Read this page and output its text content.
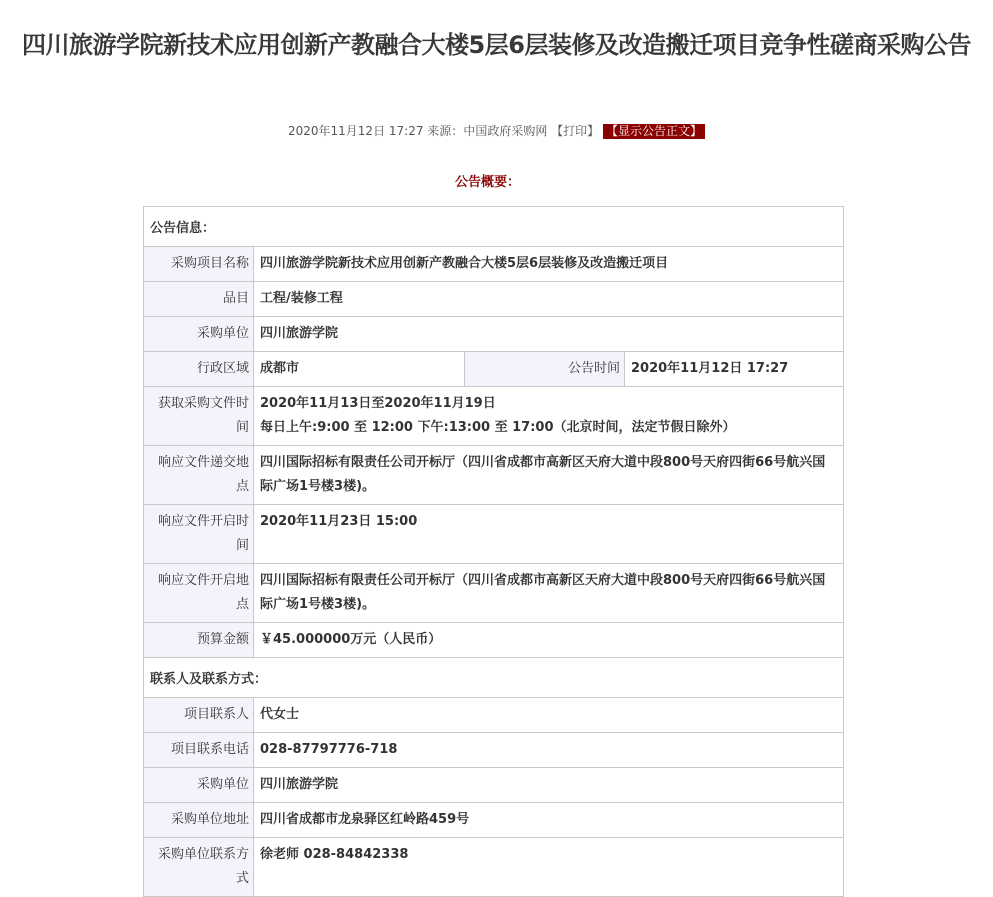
四川旅游学院新技术应用创新产教融合大楼5层6层装修及改造搬迁项目竞争性磋商采购公告
2020年11月12日 17:27 来源：中国政府采购网 【打印】 【显示公告正文】
公告概要：
公告信息：			
采购项目名称	四川旅游学院新技术应用创新产教融合大楼5层6层装修及改造搬迁项目		
品目	工程/装修工程		
采购单位	四川旅游学院		
行政区域	成都市	公告时间	2020年11月12日 17:27
获取采购文件时间	2020年11月13日至2020年11月19日
每日上午:9:00 至 12:00 下午:13:00 至 17:00（北京时间，法定节假日除外）		

响应文件递交地点	四川国际招标有限责任公司开标厅（四川省成都市高新区天府大道中段800号天府四街66号航兴国际广场1号楼3楼)。		
响应文件开启时间	2020年11月23日 15:00		
响应文件开启地点	四川国际招标有限责任公司开标厅（四川省成都市高新区天府大道中段800号天府四街66号航兴国际广场1号楼3楼)。		
预算金额	￥45.000000万元（人民币）		
联系人及联系方式：			
项目联系人	代女士		
项目联系电话	028-87797776-718		
采购单位	四川旅游学院		
采购单位地址	四川省成都市龙泉驿区红岭路459号		
采购单位联系方式	徐老师 028-84842338		
